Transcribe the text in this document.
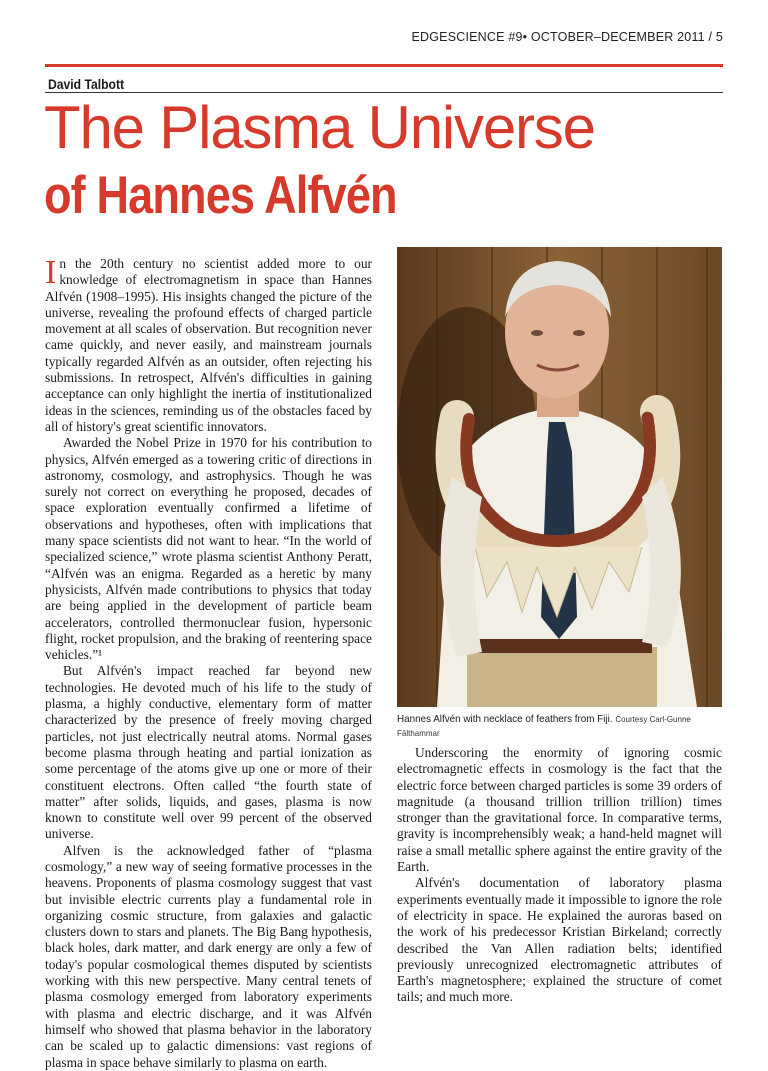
EDGESCIENCE #9• OCTOBER–DECEMBER 2011 / 5
David Talbott
The Plasma Universe
of Hannes Alfvén

In the 20th century no scientist added more to our knowledge of electromagnetism in space than Hannes Alfvén (1908–1995). His insights changed the picture of the universe, revealing the profound effects of charged particle movement at all scales of observation. But recognition never came quickly, and never easily, and mainstream journals typically regarded Alfvén as an outsider, often rejecting his submissions. In retrospect, Alfvén's difficulties in gaining acceptance can only highlight the inertia of institutionalized ideas in the sciences, reminding us of the obstacles faced by all of history's great scientific innovators.

Awarded the Nobel Prize in 1970 for his contribution to physics, Alfvén emerged as a towering critic of directions in astronomy, cosmology, and astrophysics. Though he was surely not correct on everything he proposed, decades of space exploration eventually confirmed a lifetime of observations and hypotheses, often with implications that many space scientists did not want to hear. “In the world of specialized science,” wrote plasma scientist Anthony Peratt, “Alfvén was an enigma. Regarded as a heretic by many physicists, Alfvén made contributions to physics that today are being applied in the development of particle beam accelerators, controlled thermonuclear fusion, hypersonic flight, rocket propulsion, and the braking of reentering space vehicles.”¹

But Alfvén's impact reached far beyond new technologies. He devoted much of his life to the study of plasma, a highly conductive, elementary form of matter characterized by the presence of freely moving charged particles, not just electrically neutral atoms. Normal gases become plasma through heating and partial ionization as some percentage of the atoms give up one or more of their constituent electrons. Often called “the fourth state of matter” after solids, liquids, and gases, plasma is now known to constitute well over 99 percent of the observed universe.

Alfven is the acknowledged father of “plasma cosmology,” a new way of seeing formative processes in the heavens. Proponents of plasma cosmology suggest that vast but invisible electric currents play a fundamental role in organizing cosmic structure, from galaxies and galactic clusters down to stars and planets. The Big Bang hypothesis, black holes, dark matter, and dark energy are only a few of today's popular cosmological themes disputed by scientists working with this new perspective. Many central tenets of plasma cosmology emerged from laboratory experiments with plasma and electric discharge, and it was Alfvén himself who showed that plasma behavior in the laboratory can be scaled up to galactic dimensions: vast regions of plasma in space behave similarly to plasma on earth.

Hannes Alfvén with necklace of feathers from Fiji. Courtesy Carl-Gunne Fälthammar

Underscoring the enormity of ignoring cosmic electromagnetic effects in cosmology is the fact that the electric force between charged particles is some 39 orders of magnitude (a thousand trillion trillion trillion) times stronger than the gravitational force. In comparative terms, gravity is incomprehensibly weak; a hand-held magnet will raise a small metallic sphere against the entire gravity of the Earth.

Alfvén's documentation of laboratory plasma experiments eventually made it impossible to ignore the role of electricity in space. He explained the auroras based on the work of his predecessor Kristian Birkeland; correctly described the Van Allen radiation belts; identified previously unrecognized electromagnetic attributes of Earth's magnetosphere; explained the structure of comet tails; and much more.
